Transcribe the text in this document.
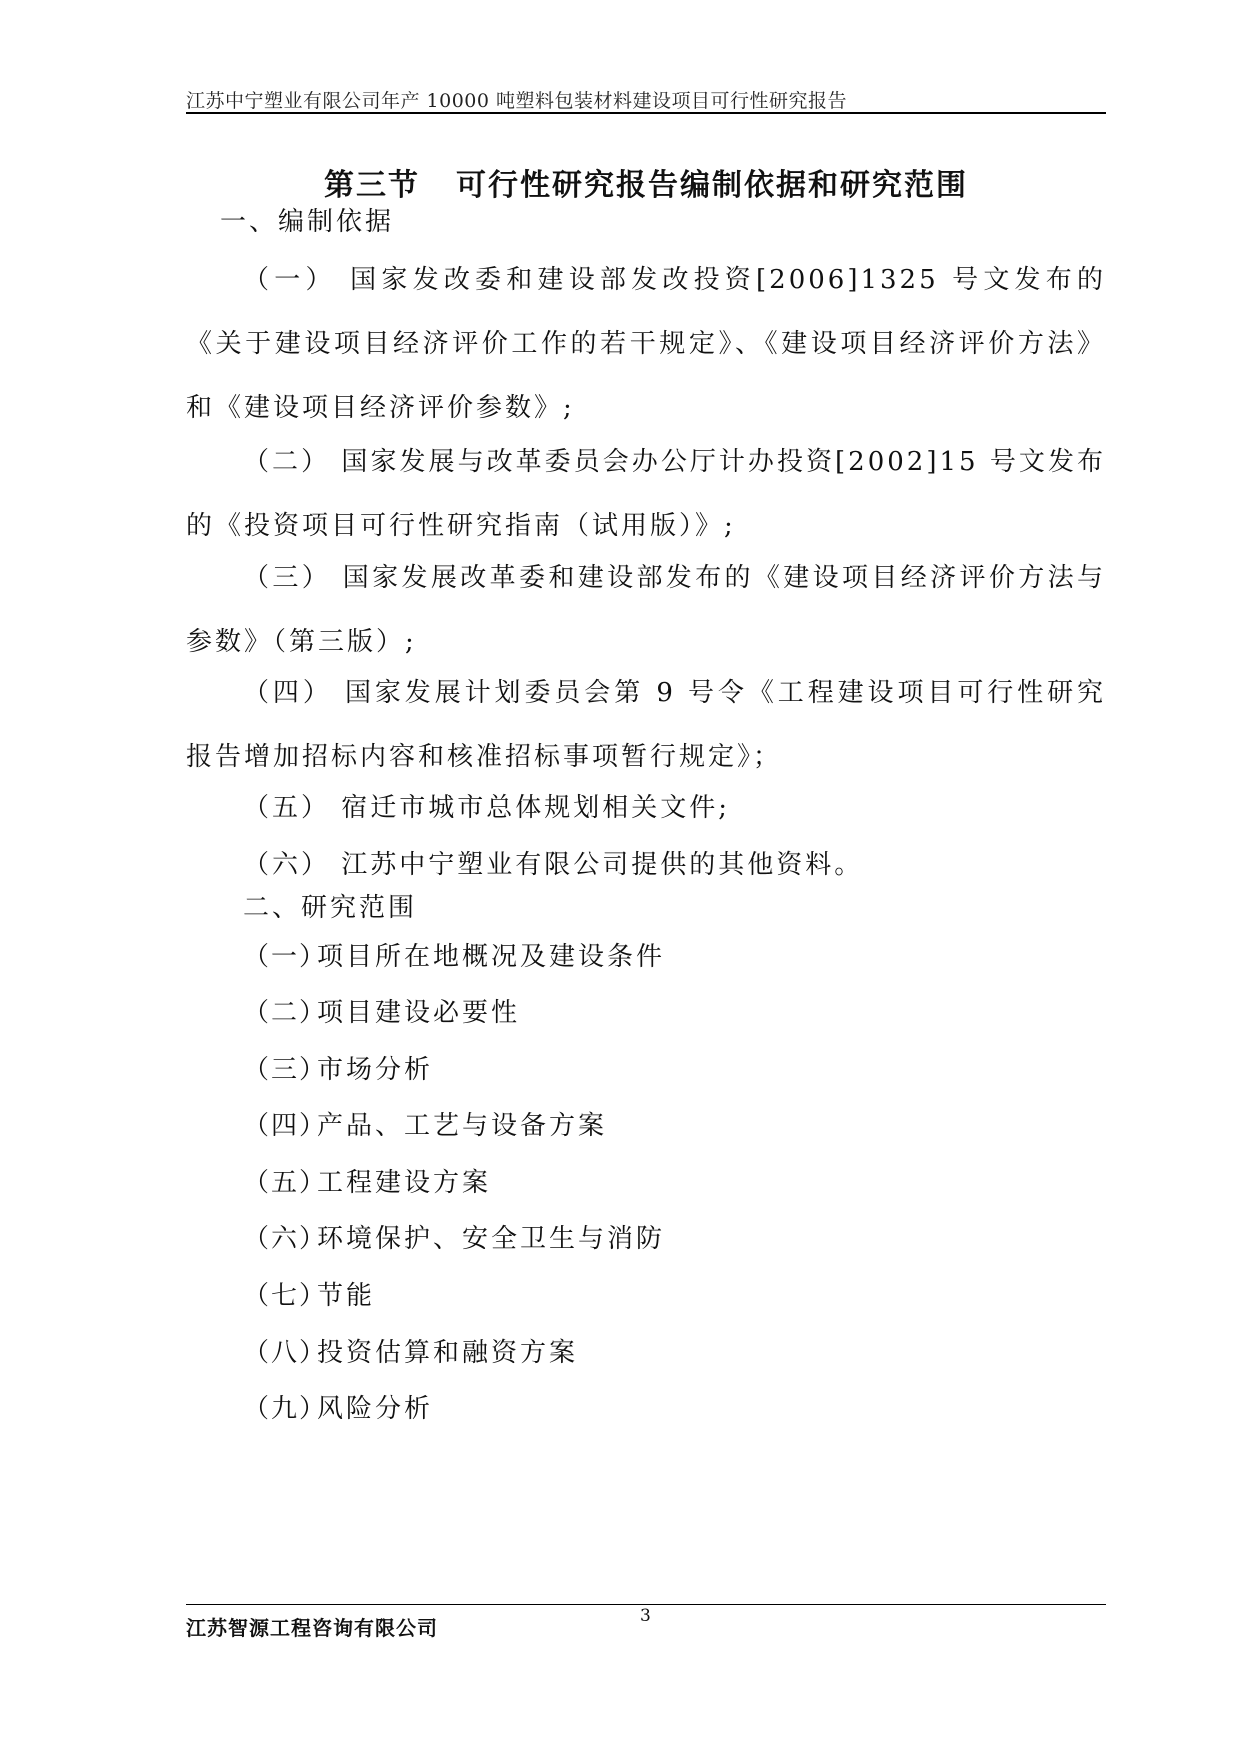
江苏中宁塑业有限公司年产 10000 吨塑料包装材料建设项目可行性研究报告
第三节 可行性研究报告编制依据和研究范围
一、编制依据
（一） 国家发改委和建设部发改投资[2006]1325 号文发布的《关于建设项目经济评价工作的若干规定》、《建设项目经济评价方法》和《建设项目经济评价参数》;
（二） 国家发展与改革委员会办公厅计办投资[2002]15 号文发布的《投资项目可行性研究指南（试用版）》;
（三） 国家发展改革委和建设部发布的《建设项目经济评价方法与参数》（第三版）;
（四） 国家发展计划委员会第 9 号令《工程建设项目可行性研究报告增加招标内容和核准招标事项暂行规定》；
（五） 宿迁市城市总体规划相关文件;
（六） 江苏中宁塑业有限公司提供的其他资料。
二、研究范围
（一）项目所在地概况及建设条件
（二）项目建设必要性
（三）市场分析
（四）产品、工艺与设备方案
（五）工程建设方案
（六）环境保护、安全卫生与消防
（七）节能
（八）投资估算和融资方案
（九）风险分析
江苏智源工程咨询有限公司	3
